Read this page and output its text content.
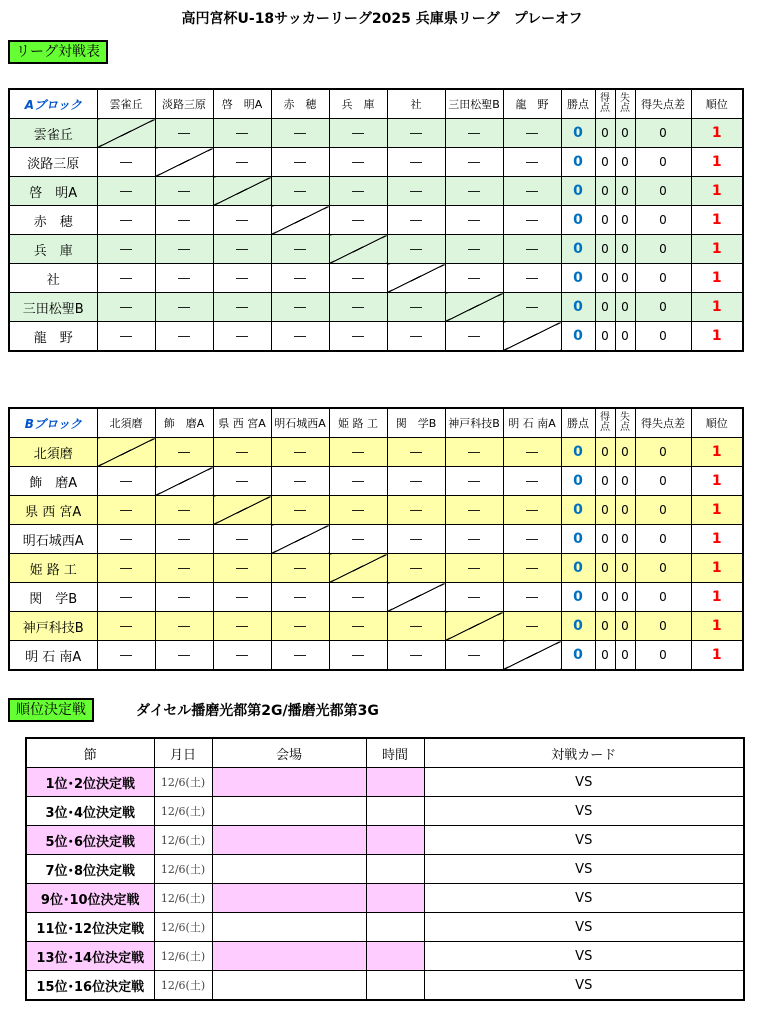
高円宮杯U-18サッカーリーグ2025 兵庫県リーグ　プレーオフ
リーグ対戦表
Aブロック	雲雀丘	淡路三原	啓　明A	赤　穂	兵　庫	社	三田松聖B	龍　野	勝点	得点	失点	得失点差	順位
雲雀丘		―	―	―	―	―	―	―	0	0	0	0	1
淡路三原	―		―	―	―	―	―	―	0	0	0	0	1
啓　明A	―	―		―	―	―	―	―	0	0	0	0	1
赤　穂	―	―	―		―	―	―	―	0	0	0	0	1
兵　庫	―	―	―	―		―	―	―	0	0	0	0	1
社	―	―	―	―	―		―	―	0	0	0	0	1
三田松聖B	―	―	―	―	―	―		―	0	0	0	0	1
龍　野	―	―	―	―	―	―	―		0	0	0	0	1
Bブロック	北須磨	飾　磨A	県 西 宮A	明石城西A	姫 路 工	関　学B	神戸科技B	明 石 南A	勝点	得点	失点	得失点差	順位
北須磨		―	―	―	―	―	―	―	0	0	0	0	1
飾　磨A	―		―	―	―	―	―	―	0	0	0	0	1
県 西 宮A	―	―		―	―	―	―	―	0	0	0	0	1
明石城西A	―	―	―		―	―	―	―	0	0	0	0	1
姫 路 工	―	―	―	―		―	―	―	0	0	0	0	1
関　学B	―	―	―	―	―		―	―	0	0	0	0	1
神戸科技B	―	―	―	―	―	―		―	0	0	0	0	1
明 石 南A	―	―	―	―	―	―	―		0	0	0	0	1
順位決定戦	ダイセル播磨光都第2G/播磨光都第3G
節	月日	会場	時間	対戦カード
1位･2位決定戦	12/6(土)			VS
3位･4位決定戦	12/6(土)			VS
5位･6位決定戦	12/6(土)			VS
7位･8位決定戦	12/6(土)			VS
9位･10位決定戦	12/6(土)			VS
11位･12位決定戦	12/6(土)			VS
13位･14位決定戦	12/6(土)			VS
15位･16位決定戦	12/6(土)			VS
